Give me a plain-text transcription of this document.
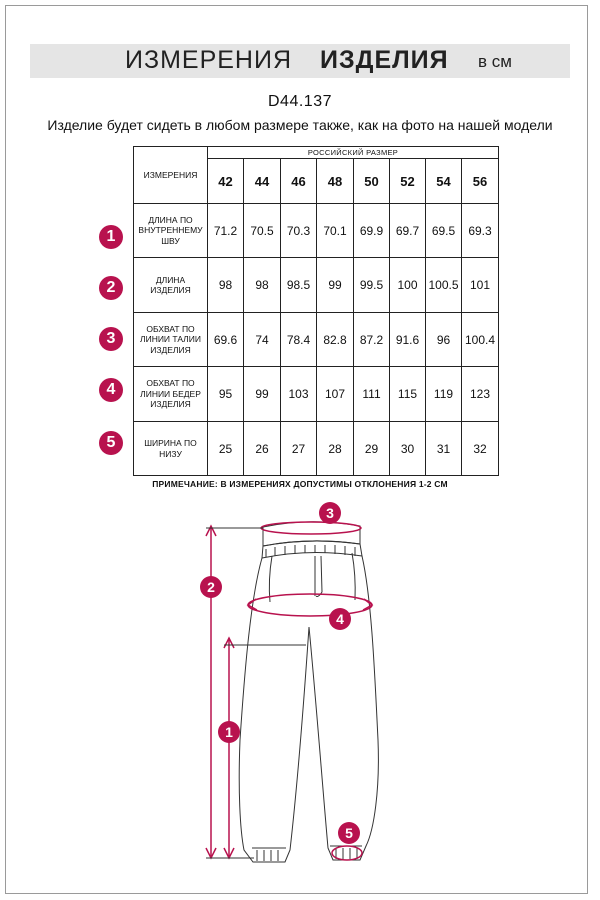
ИЗМЕРЕНИЯ ИЗДЕЛИЯ в см
D44.137
Изделие будет сидеть в любом размере также, как на фото на нашей модели
ИЗМЕРЕНИЯ	РОССИЙСКИЙ РАЗМЕР							
	42	44	46	48	50	52	54	56

ДЛИНА ПО
ВНУТРЕННЕМУ
ШВУ	71.2	70.5	70.3	70.1	69.9	69.7	69.5	69.3

ДЛИНА
ИЗДЕЛИЯ	98	98	98.5	99	99.5	100	100.5	101

ОБХВАТ ПО
ЛИНИИ ТАЛИИ
ИЗДЕЛИЯ	69.6	74	78.4	82.8	87.2	91.6	96	100.4

ОБХВАТ ПО
ЛИНИИ БЕДЕР
ИЗДЕЛИЯ	95	99	103	107	111	115	119	123

ШИРИНА ПО
НИЗУ	25	26	27	28	29	30	31	32
1
2
3
4
5
ПРИМЕЧАНИЕ: В ИЗМЕРЕНИЯХ ДОПУСТИМЫ ОТКЛОНЕНИЯ 1-2 СМ
3
4
2
1
5
